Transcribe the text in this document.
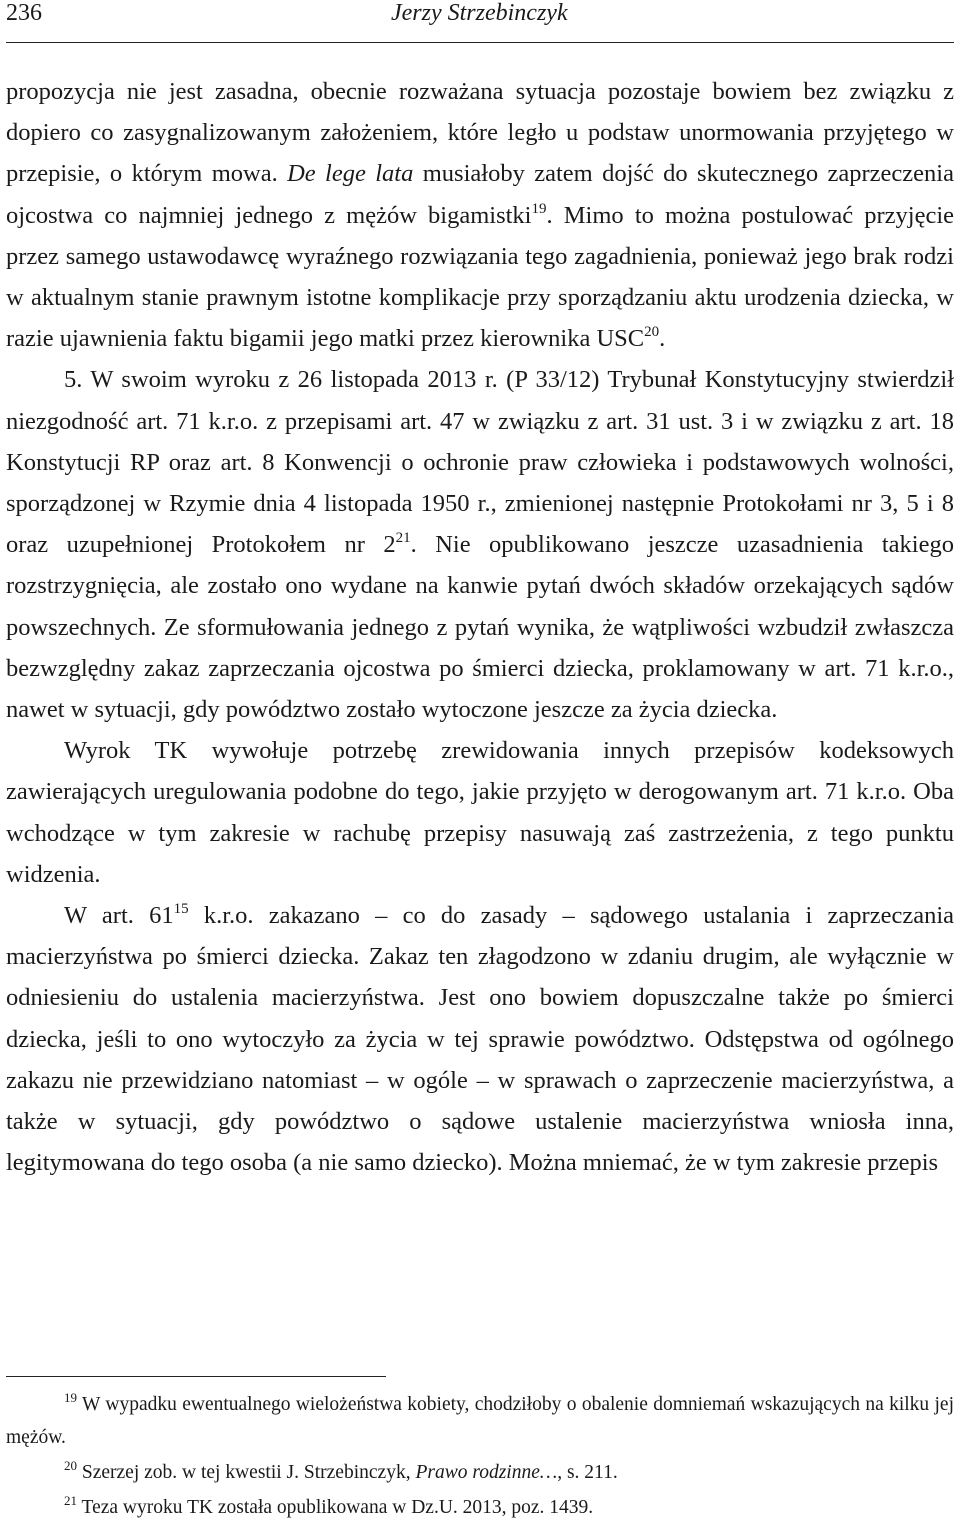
236	Jerzy Strzebinczyk

propozycja nie jest zasadna, obecnie rozważana sytuacja pozostaje bowiem bez związku z dopiero co zasygnalizowanym założeniem, które legło u podstaw unormowania przyjętego w przepisie, o którym mowa. De lege lata musiałoby zatem dojść do skutecznego zaprzeczenia ojcostwa co najmniej jednego z mężów bigamistki$^{19}$. Mimo to można postulować przyjęcie przez samego ustawodawcę wyraźnego rozwiązania tego zagadnienia, ponieważ jego brak rodzi w aktualnym stanie prawnym istotne komplikacje przy sporządzaniu aktu urodzenia dziecka, w razie ujawnienia faktu bigamii jego matki przez kierownika USC$^{20}$.

5. W swoim wyroku z 26 listopada 2013 r. (P 33/12) Trybunał Konstytucyjny stwierdził niezgodność art. 71 k.r.o. z przepisami art. 47 w związku z art. 31 ust. 3 i w związku z art. 18 Konstytucji RP oraz art. 8 Konwencji o ochronie praw człowieka i podstawowych wolności, sporządzonej w Rzymie dnia 4 listopada 1950 r., zmienionej następnie Protokołami nr 3, 5 i 8 oraz uzupełnionej Protokołem nr $2^{21}$. Nie opublikowano jeszcze uzasadnienia takiego rozstrzygnięcia, ale zostało ono wydane na kanwie pytań dwóch składów orzekających sądów powszechnych. Ze sformułowania jednego z pytań wynika, że wątpliwości wzbudził zwłaszcza bezwzględny zakaz zaprzeczania ojcostwa po śmierci dziecka, proklamowany w art. 71 k.r.o., nawet w sytuacji, gdy powództwo zostało wytoczone jeszcze za życia dziecka.

Wyrok TK wywołuje potrzebę zrewidowania innych przepisów kodeksowych zawierających uregulowania podobne do tego, jakie przyjęto w derogowanym art. 71 k.r.o. Oba wchodzące w tym zakresie w rachubę przepisy nasuwają zaś zastrzeżenia, z tego punktu widzenia.

W art. $61^{15}$ k.r.o. zakazano – co do zasady – sądowego ustalania i zaprzeczania macierzyństwa po śmierci dziecka. Zakaz ten złagodzono w zdaniu drugim, ale wyłącznie w odniesieniu do ustalenia macierzyństwa. Jest ono bowiem dopuszczalne także po śmierci dziecka, jeśli to ono wytoczyło za życia w tej sprawie powództwo. Odstępstwa od ogólnego zakazu nie przewidziano natomiast – w ogóle – w sprawach o zaprzeczenie macierzyństwa, a także w sytuacji, gdy powództwo o sądowe ustalenie macierzyństwa wniosła inna, legitymowana do tego osoba (a nie samo dziecko). Można mniemać, że w tym zakresie przepis

$^{19}$ W wypadku ewentualnego wielożeństwa kobiety, chodziłoby o obalenie domniemań wskazujących na kilku jej mężów.

$^{20}$ Szerzej zob. w tej kwestii J. Strzebinczyk, Prawo rodzinne…, s. 211.

$^{21}$ Teza wyroku TK została opublikowana w Dz.U. 2013, poz. 1439.
